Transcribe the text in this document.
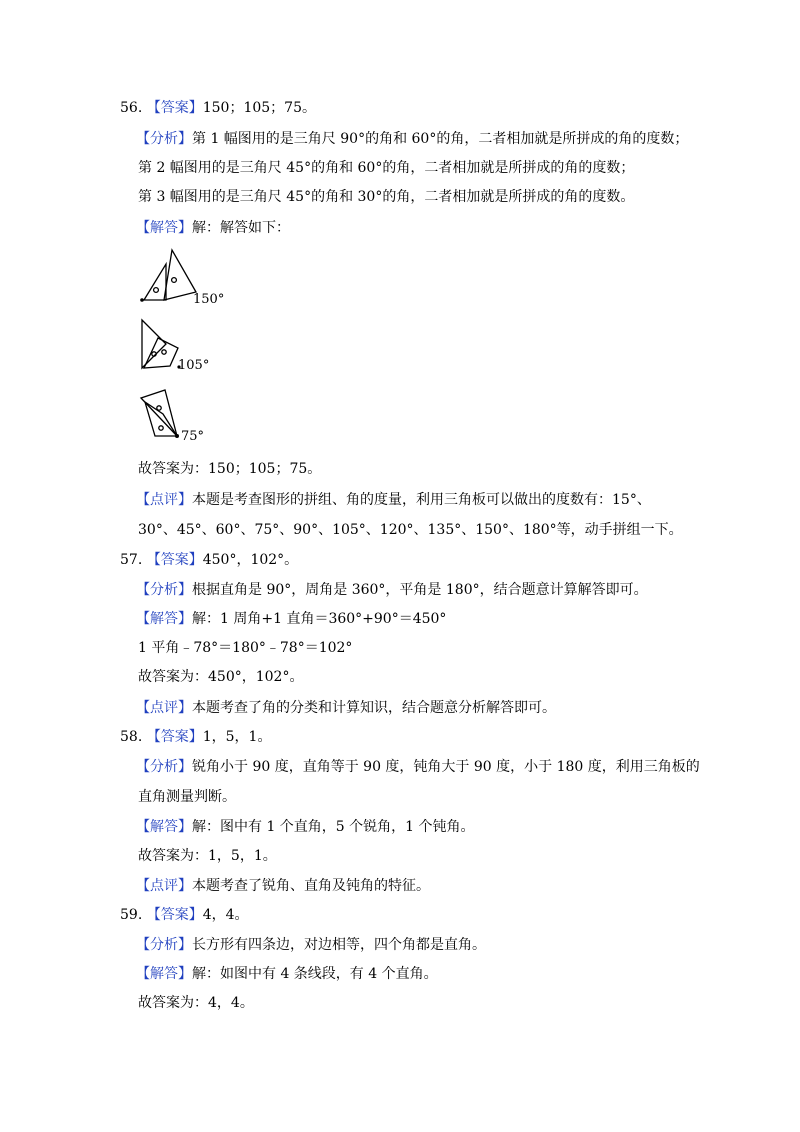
56. 【答案】150；105；75。
【分析】第 1 幅图用的是三角尺 90°的角和 60°的角，二者相加就是所拼成的角的度数；
第 2 幅图用的是三角尺 45°的角和 60°的角，二者相加就是所拼成的角的度数；
第 3 幅图用的是三角尺 45°的角和 30°的角，二者相加就是所拼成的角的度数。
【解答】解：解答如下：
150°
105°
75°
故答案为：150；105；75。
【点评】本题是考查图形的拼组、角的度量，利用三角板可以做出的度数有：15°、
30°、45°、60°、75°、90°、105°、120°、135°、150°、180°等，动手拼组一下。
57. 【答案】450°，102°。
【分析】根据直角是 90°，周角是 360°，平角是 180°，结合题意计算解答即可。
【解答】解：1 周角+1 直角＝360°+90°＝450°
1 平角﹣78°＝180°﹣78°＝102°
故答案为：450°，102°。
【点评】本题考查了角的分类和计算知识，结合题意分析解答即可。
58. 【答案】1，5，1。
【分析】锐角小于 90 度，直角等于 90 度，钝角大于 90 度，小于 180 度，利用三角板的
直角测量判断。
【解答】解：图中有 1 个直角，5 个锐角，1 个钝角。
故答案为：1，5，1。
【点评】本题考查了锐角、直角及钝角的特征。
59. 【答案】4，4。
【分析】长方形有四条边，对边相等，四个角都是直角。
【解答】解：如图中有 4 条线段，有 4 个直角。
故答案为：4，4。
